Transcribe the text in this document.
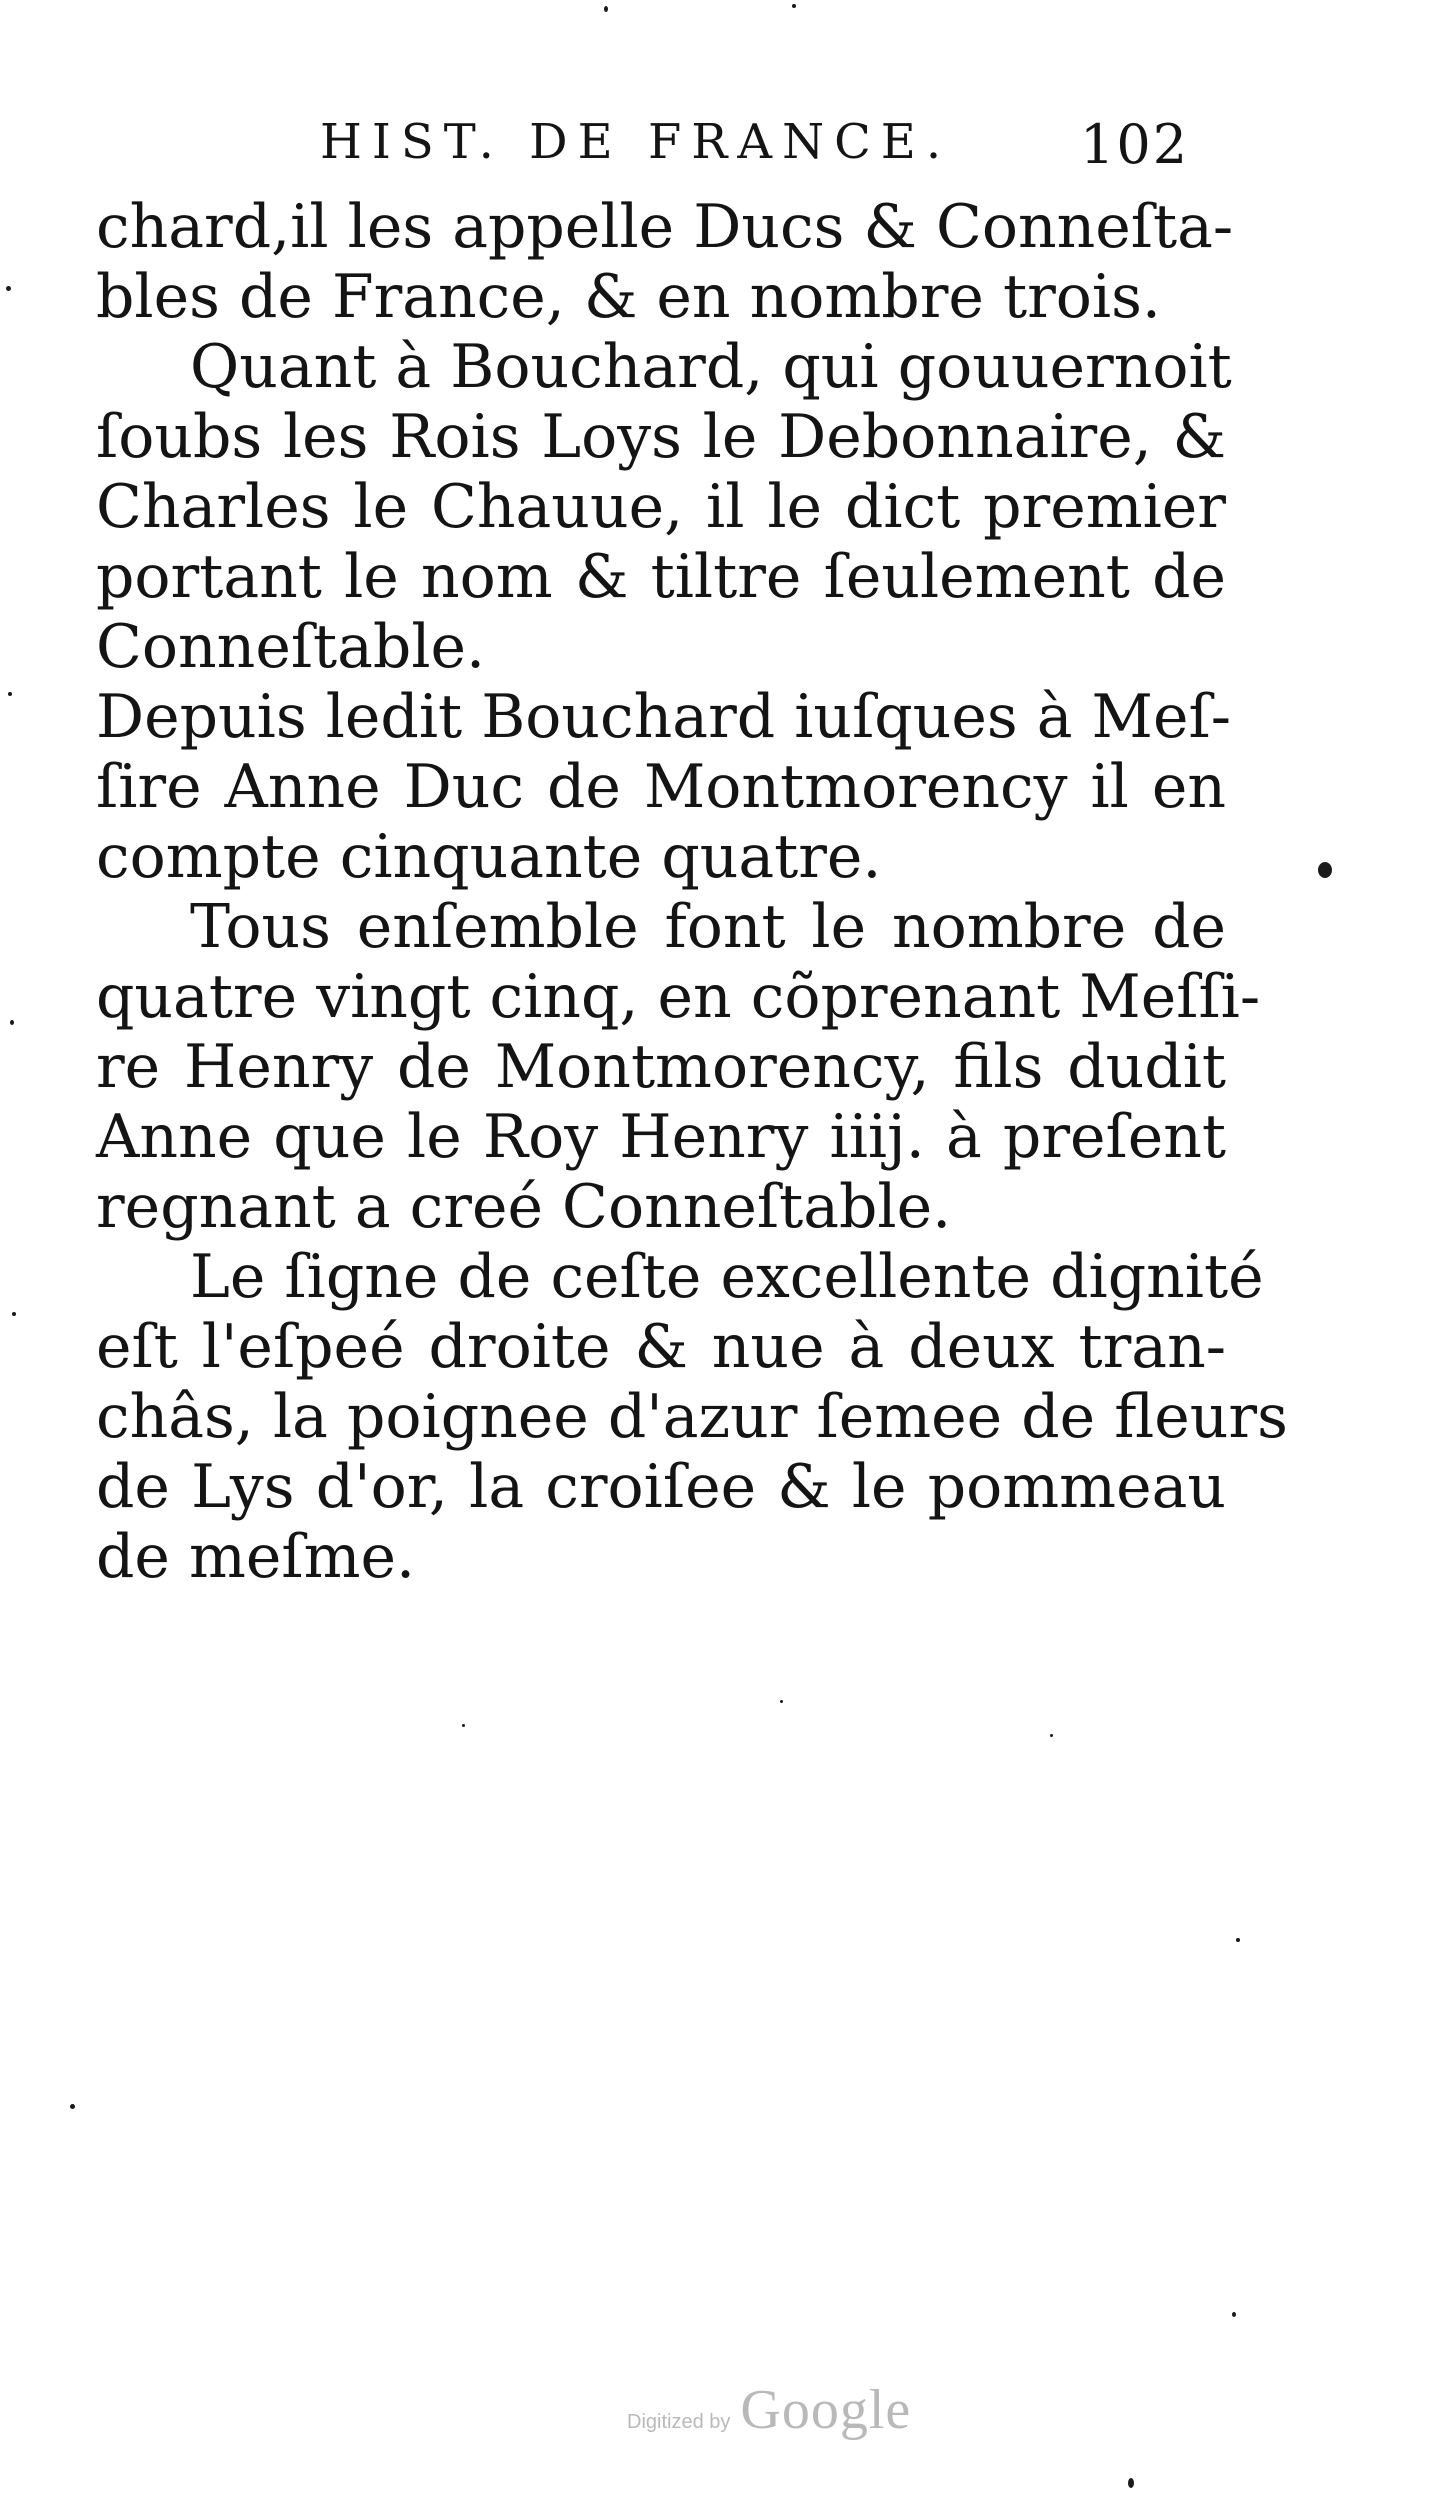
HIST. DE FRANCE. 102
chard,il les appelle Ducs & Conneſta-
bles de France, & en nombre trois.
Quant à Bouchard, qui gouuernoit
ſoubs les Rois Loys le Debonnaire, &
Charles le Chauue, il le dict premier
portant le nom & tiltre ſeulement de
Conneſtable.
Depuis ledit Bouchard iuſques à Meſ-
ſire Anne Duc de Montmorency il en
compte cinquante quatre.
Tous enſemble font le nombre de
quatre vingt cinq, en cõprenant Meſſi-
re Henry de Montmorency, fils dudit
Anne que le Roy Henry iiij. à preſent
regnant a creé Conneſtable.
Le ſigne de ceſte excellente dignité
eſt l'eſpeé droite & nue à deux tran-
châs, la poignee d'azur ſemee de fleurs
de Lys d'or, la croiſee & le pommeau
de meſme.
Digitized by Google
